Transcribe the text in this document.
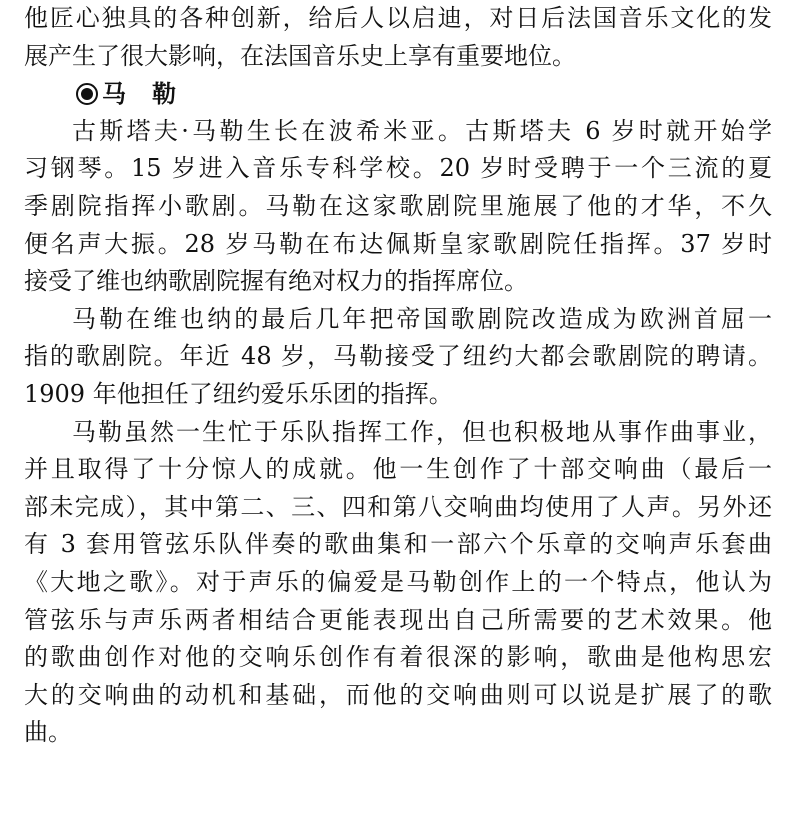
他匠心独具的各种创新，给后人以启迪，对日后法国音乐文化的发
展产生了很大影响，在法国音乐史上享有重要地位。
马勒
古斯塔夫·马勒生长在波希米亚。古斯塔夫 6 岁时就开始学
习钢琴。15 岁进入音乐专科学校。20 岁时受聘于一个三流的夏
季剧院指挥小歌剧。马勒在这家歌剧院里施展了他的才华，不久
便名声大振。28 岁马勒在布达佩斯皇家歌剧院任指挥。37 岁时
接受了维也纳歌剧院握有绝对权力的指挥席位。
马勒在维也纳的最后几年把帝国歌剧院改造成为欧洲首屈一
指的歌剧院。年近 48 岁，马勒接受了纽约大都会歌剧院的聘请。
1909 年他担任了纽约爱乐乐团的指挥。
马勒虽然一生忙于乐队指挥工作，但也积极地从事作曲事业，
并且取得了十分惊人的成就。他一生创作了十部交响曲（最后一
部未完成），其中第二、三、四和第八交响曲均使用了人声。另外还
有 3 套用管弦乐队伴奏的歌曲集和一部六个乐章的交响声乐套曲
《大地之歌》。对于声乐的偏爱是马勒创作上的一个特点，他认为
管弦乐与声乐两者相结合更能表现出自己所需要的艺术效果。他
的歌曲创作对他的交响乐创作有着很深的影响，歌曲是他构思宏
大的交响曲的动机和基础，而他的交响曲则可以说是扩展了的歌
曲。
